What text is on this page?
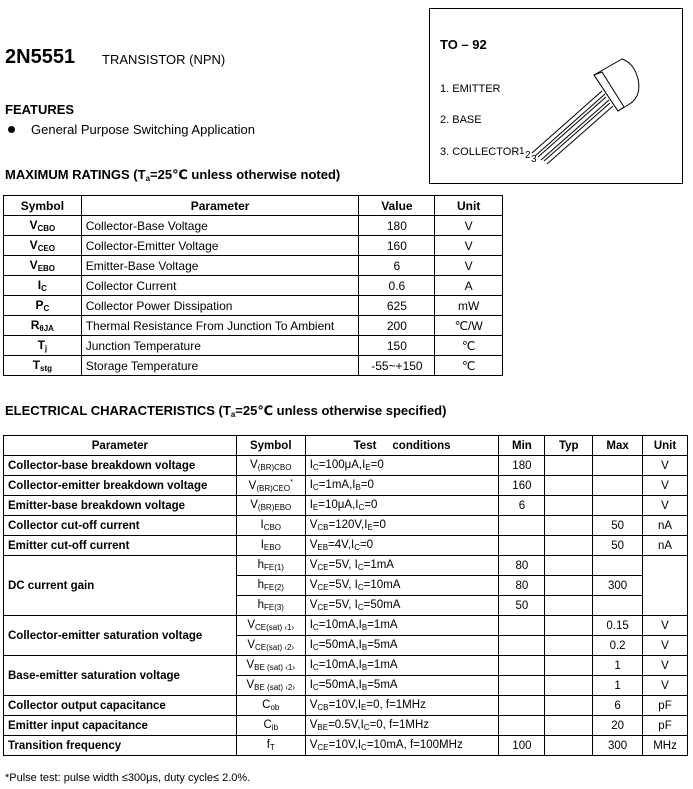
2N5551 TRANSISTOR (NPN)
TO – 92
1. EMITTER
2. BASE
3. COLLECTOR 1 2 3
FEATURES
General Purpose Switching Application
MAXIMUM RATINGS ($T_a=25℃$ unless otherwise noted)
Symbol	Parameter	Value	Unit
$V_{CBO}$	Collector-Base Voltage	180	V
$V_{CEO}$	Collector-Emitter Voltage	160	V
$V_{EBO}$	Emitter-Base Voltage	6	V
$I_C$	Collector Current	0.6	A
$P_C$	Collector Power Dissipation	625	mW
$R_{\theta JA}$	Thermal Resistance From Junction To Ambient	200	℃/W
$T_j$	Junction Temperature	150	℃
$T_{stg}$	Storage Temperature	-55~+150	℃
ELECTRICAL CHARACTERISTICS ($T_a=25℃$ unless otherwise specified)
Parameter	Symbol	Test     conditions	Min	Typ	Max	Unit
Collector-base breakdown voltage	$V_{(BR)CBO}$	$I_C=100\mu A,I_E=0$	180			V
Collector-emitter breakdown voltage	$V_{(BR)CEO}^*$	$I_C=1mA,I_B=0$	160			V
Emitter-base breakdown voltage	$V_{(BR)EBO}$	$I_E=10\mu A,I_C=0$	6			V
Collector cut-off current	$I_{CBO}$	$V_{CB}=120V,I_E=0$			50	nA
Emitter cut-off current	$I_{EBO}$	$V_{EB}=4V,I_C=0$			50	nA
DC current gain	$h_{FE(1)}$	$V_{CE}=5V$, $I_C=1mA$	80			
	$h_{FE(2)}$	$V_{CE}=5V$, $I_C=10mA$	80		300	
	$h_{FE(3)}$	$V_{CE}=5V$, $I_C=50mA$	50			
Collector-emitter saturation voltage	$V_{CE(sat) ‹1›}$	$I_C=10mA,I_B=1mA$			0.15	V
	$V_{CE(sat) ‹2›}$	$I_C=50mA,I_B=5mA$			0.2	V
Base-emitter saturation voltage	$V_{BE (sat) ‹1›}$	$I_C=10mA,I_B=1mA$			1	V
	$V_{BE (sat) ‹2›}$	$I_C=50mA,I_B=5mA$			1	V
Collector output capacitance	$C_{ob}$	$V_{CB}=10V,I_E=0$, f=1MHz			6	pF
Emitter input capacitance	$C_{ib}$	$V_{BE}=0.5V,I_C=0$, f=1MHz			20	pF
Transition frequency	$f_T$	$V_{CE}=10V,I_C=10mA$, f=100MHz	100		300	MHz
*Pulse test: pulse width ≤300μs, duty cycle≤ 2.0%.
